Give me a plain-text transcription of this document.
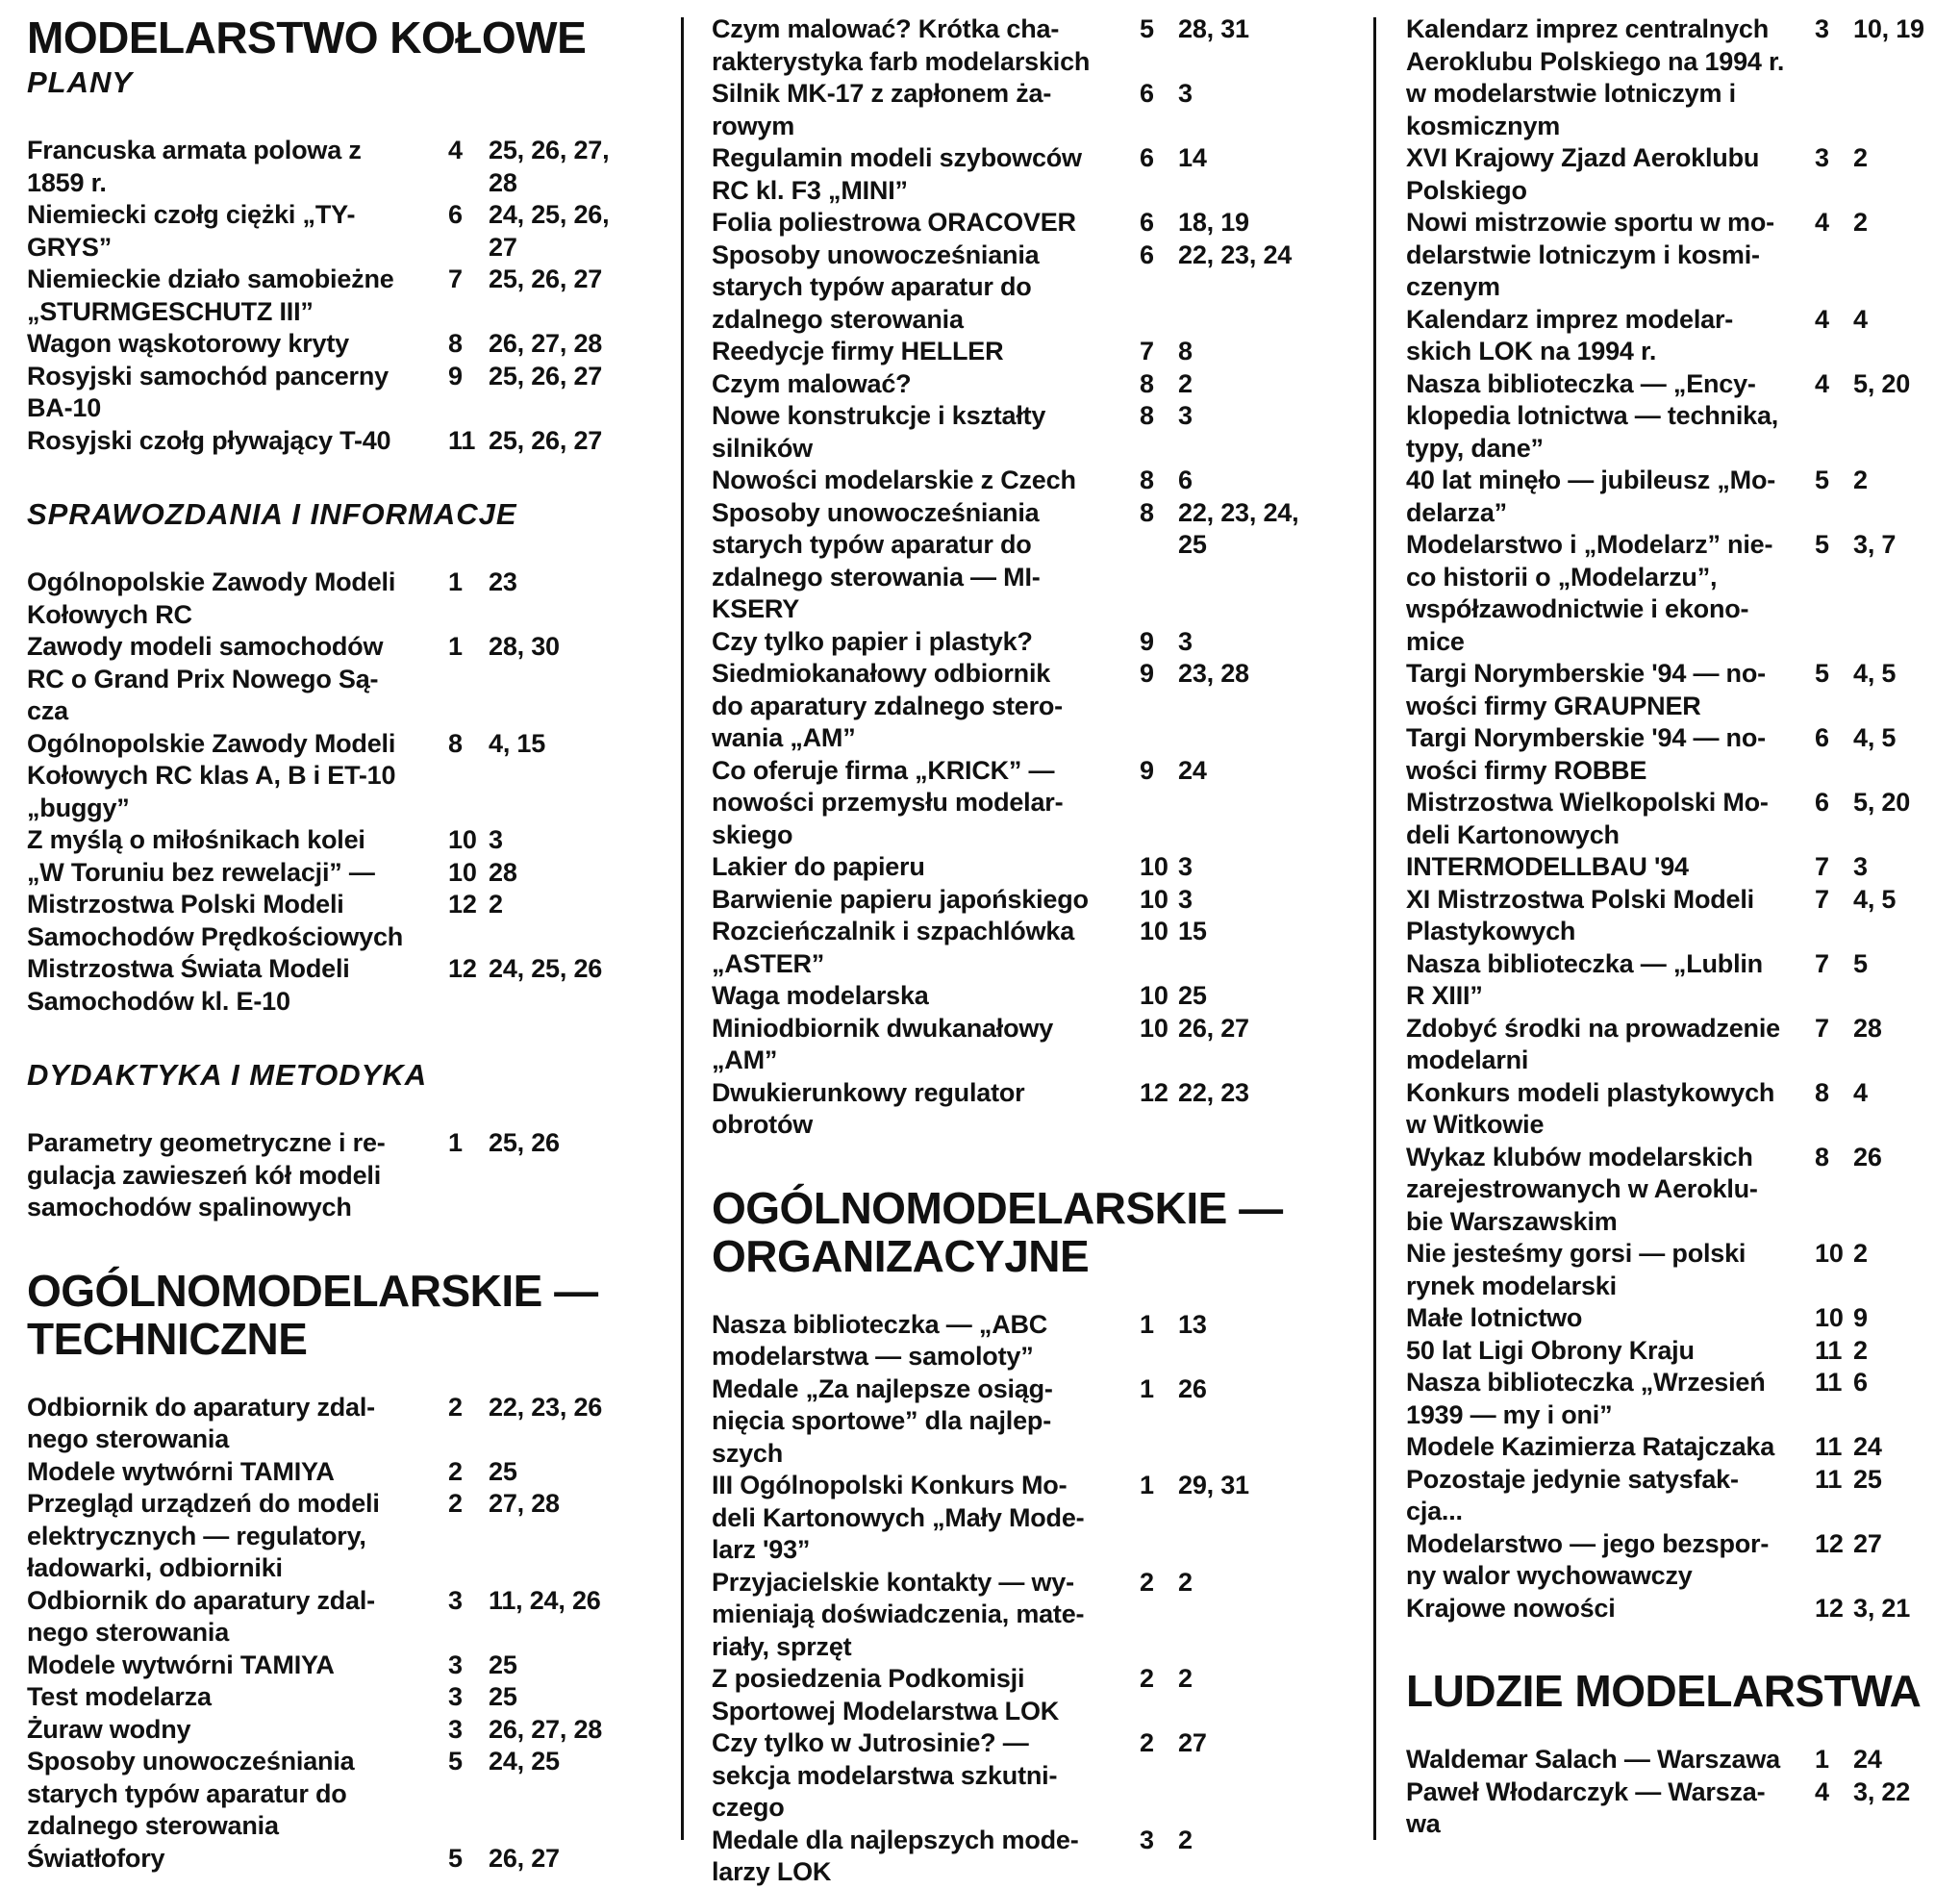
MODELARSTWO KOŁOWE
PLANY
Francuska armata polowa z
1859 r.
4	25, 26, 27,
28
Niemiecki czołg ciężki „TY-
GRYS”
6	24, 25, 26,
27
Niemieckie działo samobieżne
„STURMGESCHUTZ III”
7	25, 26, 27
Wagon wąskotorowy kryty	8	26, 27, 28
Rosyjski samochód pancerny
BA-10
9	25, 26, 27
Rosyjski czołg pływający T-40	11 25, 26, 27
SPRAWOZDANIA I INFORMACJE
Ogólnopolskie Zawody Modeli
Kołowych RC
1	23
Zawody modeli samochodów
RC o Grand Prix Nowego Są-
cza
1	28, 30
Ogólnopolskie Zawody Modeli
Kołowych RC klas A, B i ET-10
„buggy”
8	4, 15
Z myślą o miłośnikach kolei	10 3
„W Toruniu bez rewelacji” —	10 28
Mistrzostwa Polski Modeli
Samochodów Prędkościowych
12 2
Mistrzostwa Świata Modeli
Samochodów kl. E-10
12 24, 25, 26
DYDAKTYKA I METODYKA
Parametry geometryczne i re-
gulacja zawieszeń kół modeli
samochodów spalinowych
1	25, 26
OGÓLNOMODELARSKIE —
TECHNICZNE
Odbiornik do aparatury zdal-
nego sterowania
2	22, 23, 26
Modele wytwórni TAMIYA	2	25
Przegląd urządzeń do modeli
elektrycznych — regulatory,
ładowarki, odbiorniki
2	27, 28
Odbiornik do aparatury zdal-
nego sterowania
3	11, 24, 26
Modele wytwórni TAMIYA	3	25
Test modelarza	3	25
Żuraw wodny	3	26, 27, 28
Sposoby unowocześniania
starych typów aparatur do
zdalnego sterowania
5	24, 25
Światłofory	5	26, 27
Czym malować? Krótka cha-
rakterystyka farb modelarskich
5 28, 31
Silnik MK-17 z zapłonem ża-
rowym
6 3
Regulamin modeli szybowców
RC kl. F3 „MINI”
6 14
Folia poliestrowa ORACOVER	6 18, 19
Sposoby unowocześniania
starych typów aparatur do
zdalnego sterowania
6 22, 23, 24
Reedycje firmy HELLER	7 8
Czym malować?	8 2
Nowe konstrukcje i kształty
silników
8 3
Nowości modelarskie z Czech	8 6
Sposoby unowocześniania
starych typów aparatur do
zdalnego sterowania — MI-
KSERY
8 22, 23, 24,
25
Czy tylko papier i plastyk?	9 3
Siedmiokanałowy odbiornik
do aparatury zdalnego stero-
wania „AM”
9 23, 28
Co oferuje firma „KRICK” —
nowości przemysłu modelar-
skiego
9 24
Lakier do papieru	10 3
Barwienie papieru japońskiego	10 3
Rozcieńczalnik i szpachlówka
„ASTER”
10 15
Waga modelarska	10 25
Miniodbiornik dwukanałowy
„AM”
10 26, 27
Dwukierunkowy regulator
obrotów
12 22, 23
OGÓLNOMODELARSKIE —
ORGANIZACYJNE
Nasza biblioteczka — „ABC
modelarstwa — samoloty”
1 13
Medale „Za najlepsze osiąg-
nięcia sportowe” dla najlep-
szych
1 26
III Ogólnopolski Konkurs Mo-
deli Kartonowych „Mały Mode-
larz '93”
1 29, 31
Przyjacielskie kontakty — wy-
mieniają doświadczenia, mate-
riały, sprzęt
2 2
Z posiedzenia Podkomisji
Sportowej Modelarstwa LOK
2 2
Czy tylko w Jutrosinie? —
sekcja modelarstwa szkutni-
czego
2 27
Medale dla najlepszych mode-
larzy LOK
3 2
Kalendarz imprez centralnych
Aeroklubu Polskiego na 1994 r.
w modelarstwie lotniczym i
kosmicznym
3 10, 19
XVI Krajowy Zjazd Aeroklubu
Polskiego
3 2
Nowi mistrzowie sportu w mo-
delarstwie lotniczym i kosmi-
czenym
4 2
Kalendarz imprez modelar-
skich LOK na 1994 r.
4 4
Nasza biblioteczka — „Ency-
klopedia lotnictwa — technika,
typy, dane”
4 5, 20
40 lat minęło — jubileusz „Mo-
delarza”
5 2
Modelarstwo i „Modelarz” nie-
co historii o „Modelarzu”,
współzawodnictwie i ekono-
mice
5 3, 7
Targi Norymberskie '94 — no-
wości firmy GRAUPNER
5 4, 5
Targi Norymberskie '94 — no-
wości firmy ROBBE
6 4, 5
Mistrzostwa Wielkopolski Mo-
deli Kartonowych
6 5, 20
INTERMODELLBAU '94	7 3
XI Mistrzostwa Polski Modeli
Plastykowych
7 4, 5
Nasza biblioteczka — „Lublin
R XIII”
7 5
Zdobyć środki na prowadzenie
modelarni
7 28
Konkurs modeli plastykowych
w Witkowie
8 4
Wykaz klubów modelarskich
zarejestrowanych w Aeroklu-
bie Warszawskim
8 26
Nie jesteśmy gorsi — polski
rynek modelarski
10 2
Małe lotnictwo	10 9
50 lat Ligi Obrony Kraju	11 2
Nasza biblioteczka „Wrzesień
1939 — my i oni”
11 6
Modele Kazimierza Ratajczaka	11 24
Pozostaje jedynie satysfak-
cja...
11 25
Modelarstwo — jego bezspor-
ny walor wychowawczy
12 27
Krajowe nowości	12 3, 21
LUDZIE MODELARSTWA
Waldemar Salach — Warszawa	1 24
Paweł Włodarczyk — Warsza-
wa
4 3, 22
